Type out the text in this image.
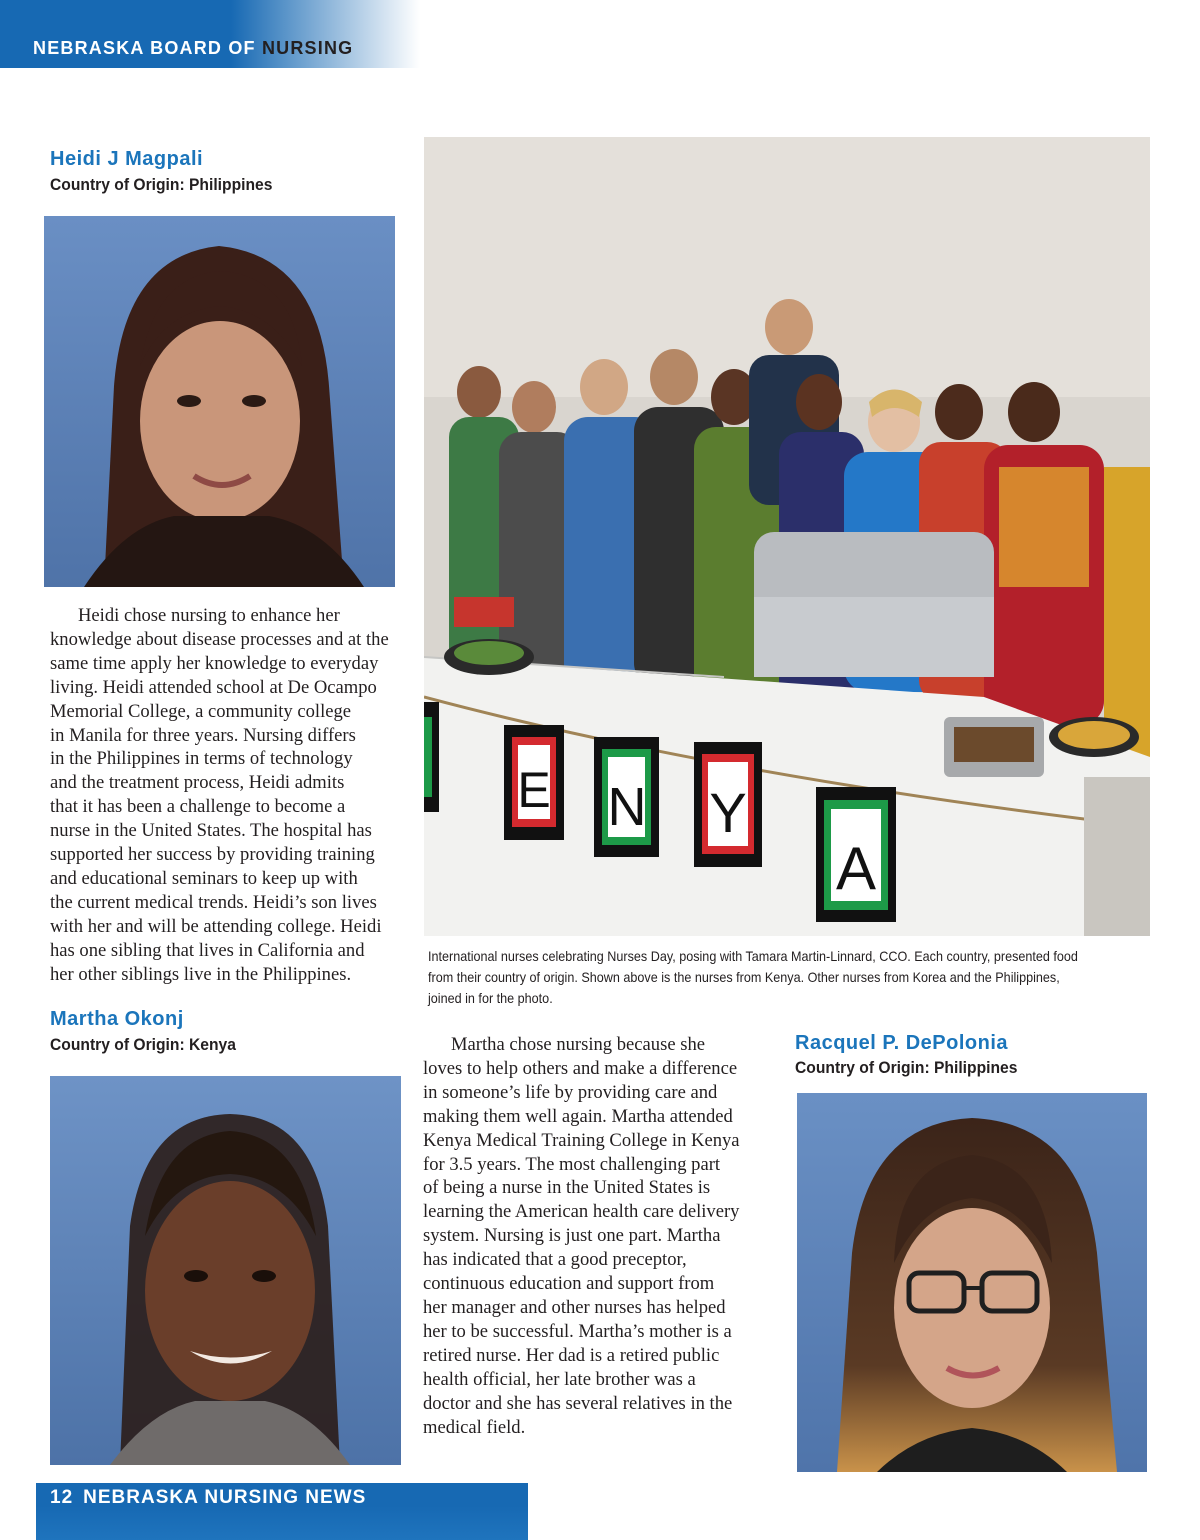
NEBRASKA BOARD OF NURSING
Heidi J Magpali
Country of Origin: Philippines
Heidi chose nursing to enhance her
knowledge about disease processes and at the
same time apply her knowledge to everyday
living. Heidi attended school at De Ocampo
Memorial College, a community college
in Manila for three years. Nursing differs
in the Philippines in terms of technology
and the treatment process, Heidi admits
that it has been a challenge to become a
nurse in the United States. The hospital has
supported her success by providing training
and educational seminars to keep up with
the current medical trends. Heidi’s son lives
with her and will be attending college. Heidi
has one sibling that lives in California and
her other siblings live in the Philippines.
Martha Okonj
Country of Origin: Kenya
E N Y
A
International nurses celebrating Nurses Day, posing with Tamara Martin-Linnard, CCO. Each country, presented food
from their country of origin. Shown above is the nurses from Kenya. Other nurses from Korea and the Philippines,
joined in for the photo.
Martha chose nursing because she
loves to help others and make a difference
in someone’s life by providing care and
making them well again. Martha attended
Kenya Medical Training College in Kenya
for 3.5 years. The most challenging part
of being a nurse in the United States is
learning the American health care delivery
system. Nursing is just one part. Martha
has indicated that a good preceptor,
continuous education and support from
her manager and other nurses has helped
her to be successful. Martha’s mother is a
retired nurse. Her dad is a retired public
health official, her late brother was a
doctor and she has several relatives in the
medical field.
Racquel P. DePolonia
Country of Origin: Philippines
12 NEBRASKA NURSING NEWS
